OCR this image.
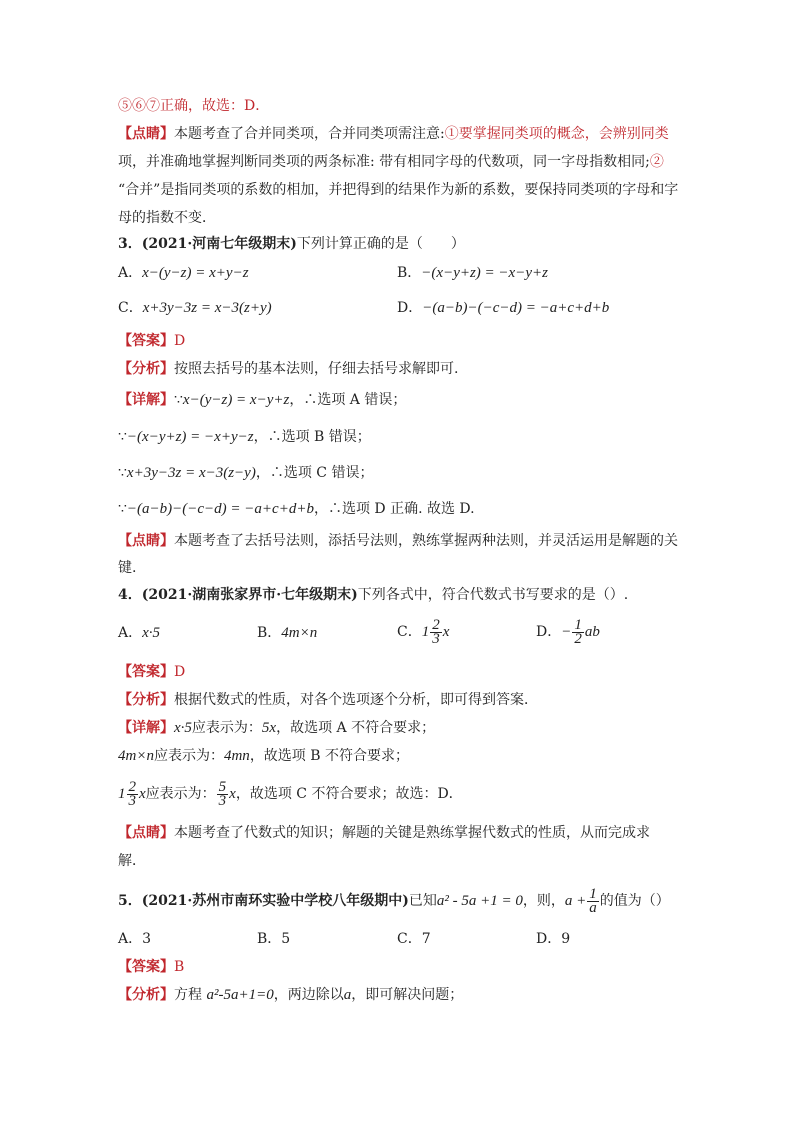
⑤⑥⑦正确，故选：D．
【点睛】本题考查了合并同类项，合并同类项需注意:①要掌握同类项的概念，会辨别同类
项，并准确地掌握判断同类项的两条标准: 带有相同字母的代数项，同一字母指数相同;②
“合并”是指同类项的系数的相加，并把得到的结果作为新的系数，要保持同类项的字母和字
母的指数不变．
3．(2021·河南七年级期末)下列计算正确的是（　　）
A．x−(y−z) = x+y−z	B．−(x−y+z) = −x−y+z
C．x+3y−3z = x−3(z+y)	D．−(a−b)−(−c−d) = −a+c+d+b
【答案】D
【分析】按照去括号的基本法则，仔细去括号求解即可.
【详解】∵x−(y−z) = x−y+z，∴选项 A 错误；
∵−(x−y+z) = −x+y−z，∴选项 B 错误；
∵x+3y−3z = x−3(z−y)，∴选项 C 错误；
∵−(a−b)−(−c−d) = −a+c+d+b，∴选项 D 正确. 故选 D.
【点睛】本题考查了去括号法则，添括号法则，熟练掌握两种法则，并灵活运用是解题的关
键.
4．(2021·湖南张家界市·七年级期末)下列各式中，符合代数式书写要求的是（）.
A．x·5	B．4m×n	C．$1 \frac{2}{3}$ x	D．− $\frac{1}{2}$ ab
【答案】D
【分析】根据代数式的性质，对各个选项逐个分析，即可得到答案．
【详解】x·5应表示为：5x，故选项 A 不符合要求；
4m×n应表示为：4mn，故选项 B 不符合要求；
$1 \frac{2}{3}$ x应表示为： $\frac{5}{3}$ x，故选项 C 不符合要求；故选：D．
【点睛】本题考查了代数式的知识；解题的关键是熟练掌握代数式的性质，从而完成求
解．
5．(2021·苏州市南环实验中学校八年级期中)已知a² - 5a +1 = 0，则，$a + \frac{1}{a}$ 的值为（）
A．3	B．5	C．7	D．9
【答案】B
【分析】方程 a²-5a+1=0，两边除以a，即可解决问题；
